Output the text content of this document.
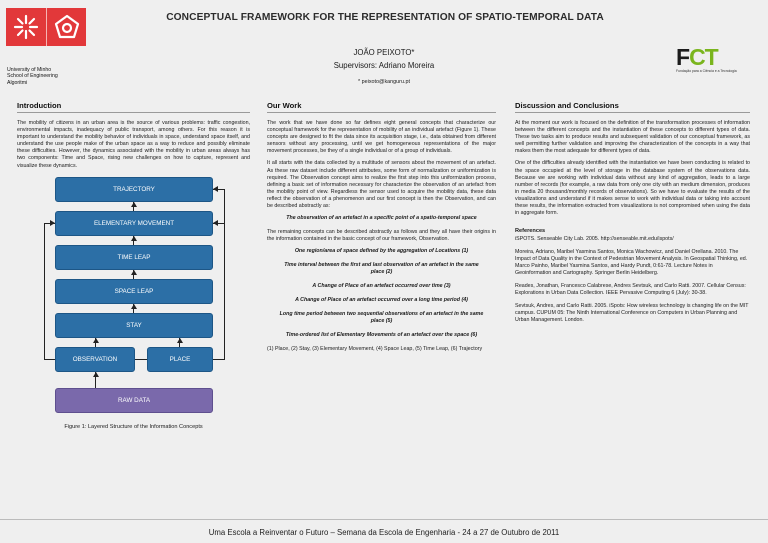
University of Minho
School of Engineering
Algoritmi
CONCEPTUAL FRAMEWORK FOR THE REPRESENTATION OF SPATIO-TEMPORAL DATA
JOÃO PEIXOTO*
Supervisors: Adriano Moreira
* peixoto@kanguru.pt
FCT
Fundação para a Ciência e a Tecnologia
Introduction
The mobility of citizens in an urban area is the source of various problems: traffic congestion, environmental impacts, inadequacy of public transport, among others. For this reason it is important to understand the mobility behavior of individuals in space, understand space itself, and understand the use people make of the urban space as a way to reduce and possibly eliminate these difficulties. However, the dynamics associated with the mobility in urban areas always has two components: Time and Space, rising new challenges on how to capture, represent and visualize these dynamics.
TRAJECTORY
ELEMENTARY MOVEMENT
TIME LEAP
SPACE LEAP
STAY
OBSERVATION	PLACE
RAW DATA
Figure 1: Layered Structure of the Information Concepts
Our Work
The work that we have done so far defines eight general concepts that characterize our conceptual framework for the representation of mobility of an individual artefact (Figure 1). These concepts are designed to fit the data since its acquisition stage, i.e., data obtained from different sensors without any processing, until we get homogeneous representations of the major movement processes, be they of a single individual or of a group of individuals.
It all starts with the data collected by a multitude of sensors about the movement of an artefact. As these raw dataset include different attributes, some form of normalization or uniformization is required. The Observation concept aims to realize the first step into this uniformization process, defining a basic set of information necessary for characterize the observation of an artefact from the mobility point of view. Regardless the sensor used to acquire the mobility data, these data reflect the observation of a phenomenon and our first concept is then the Observation, and can be described abstractly as:
The observation of an artefact in a specific point of a spatio-temporal space
The remaining concepts can be described abstractly as follows and they all have their origins in the information contained in the basic concept of our framework, Observation.
One region/area of space defined by the aggregation of Locations (1)
Time interval between the first and last observation of an artefact in the same place (2)
A Change of Place of an artefact occurred over time (3)
A Change of Place of an artefact occurred over a long time period (4)
Long time period between two sequential observations of an artefact in the same place (5)
Time-ordered list of Elementary Movements of an artefact over the space (6)
(1) Place, (2) Stay, (3) Elementary Movement, (4) Space Leap, (5) Time Leap, (6) Trajectory
Discussion and Conclusions
At the moment our work is focused on the definition of the transformation processes of information between the different concepts and the instantiation of these concepts to different types of data. These two tasks aim to produce results and subsequent validation of our conceptual framework, as well permitting further validation and improving the characterization of the concepts in a way that makes them the most adequate for different types of data.
One of the difficulties already identified with the instantiation we have been conducting is related to the space occupied at the level of storage in the database system of the observations data. Because we are working with individual data without any kind of aggregation, leads to a large number of records (for example, a raw data from only one city with an medium dimension, produces in media 20 thousand/monthly records of observations). So we have to evaluate the results of the visualizations and understand if it makes sense to work with individual data or taking into account these results, the information extracted from visualizations is not compromised when using the data in aggregate form.
References
iSPOTS. Senseable City Lab. 2005. http://senseable.mit.edu/ispots/
Moreira, Adriano, Maribel Yasmina Santos, Monica Wachowicz, and Daniel Orellana. 2010. The Impact of Data Quality in the Context of Pedestrian Movement Analysis. In Geospatial Thinking, ed. Marco Painho, Maribel Yasmina Santos, and Hardy Pundt, 0:61-78. Lecture Notes in Geoinformation and Cartography. Springer Berlin Heidelberg.
Reades, Jonathan, Francesco Calabrese, Andres Sevtsuk, and Carlo Ratti. 2007. Cellular Census: Explorations in Urban Data Collection. IEEE Pervasive Computing 6 (July): 30-38.
Sevtsuk, Andres, and Carlo Ratti. 2005. iSpots: How wireless technology is changing life on the MIT campus. CUPUM 05: The Ninth International Conference on Computers in Urban Planning and Urban Management. London.
Uma Escola a Reinventar o Futuro – Semana da Escola de Engenharia - 24 a 27 de Outubro de 2011
